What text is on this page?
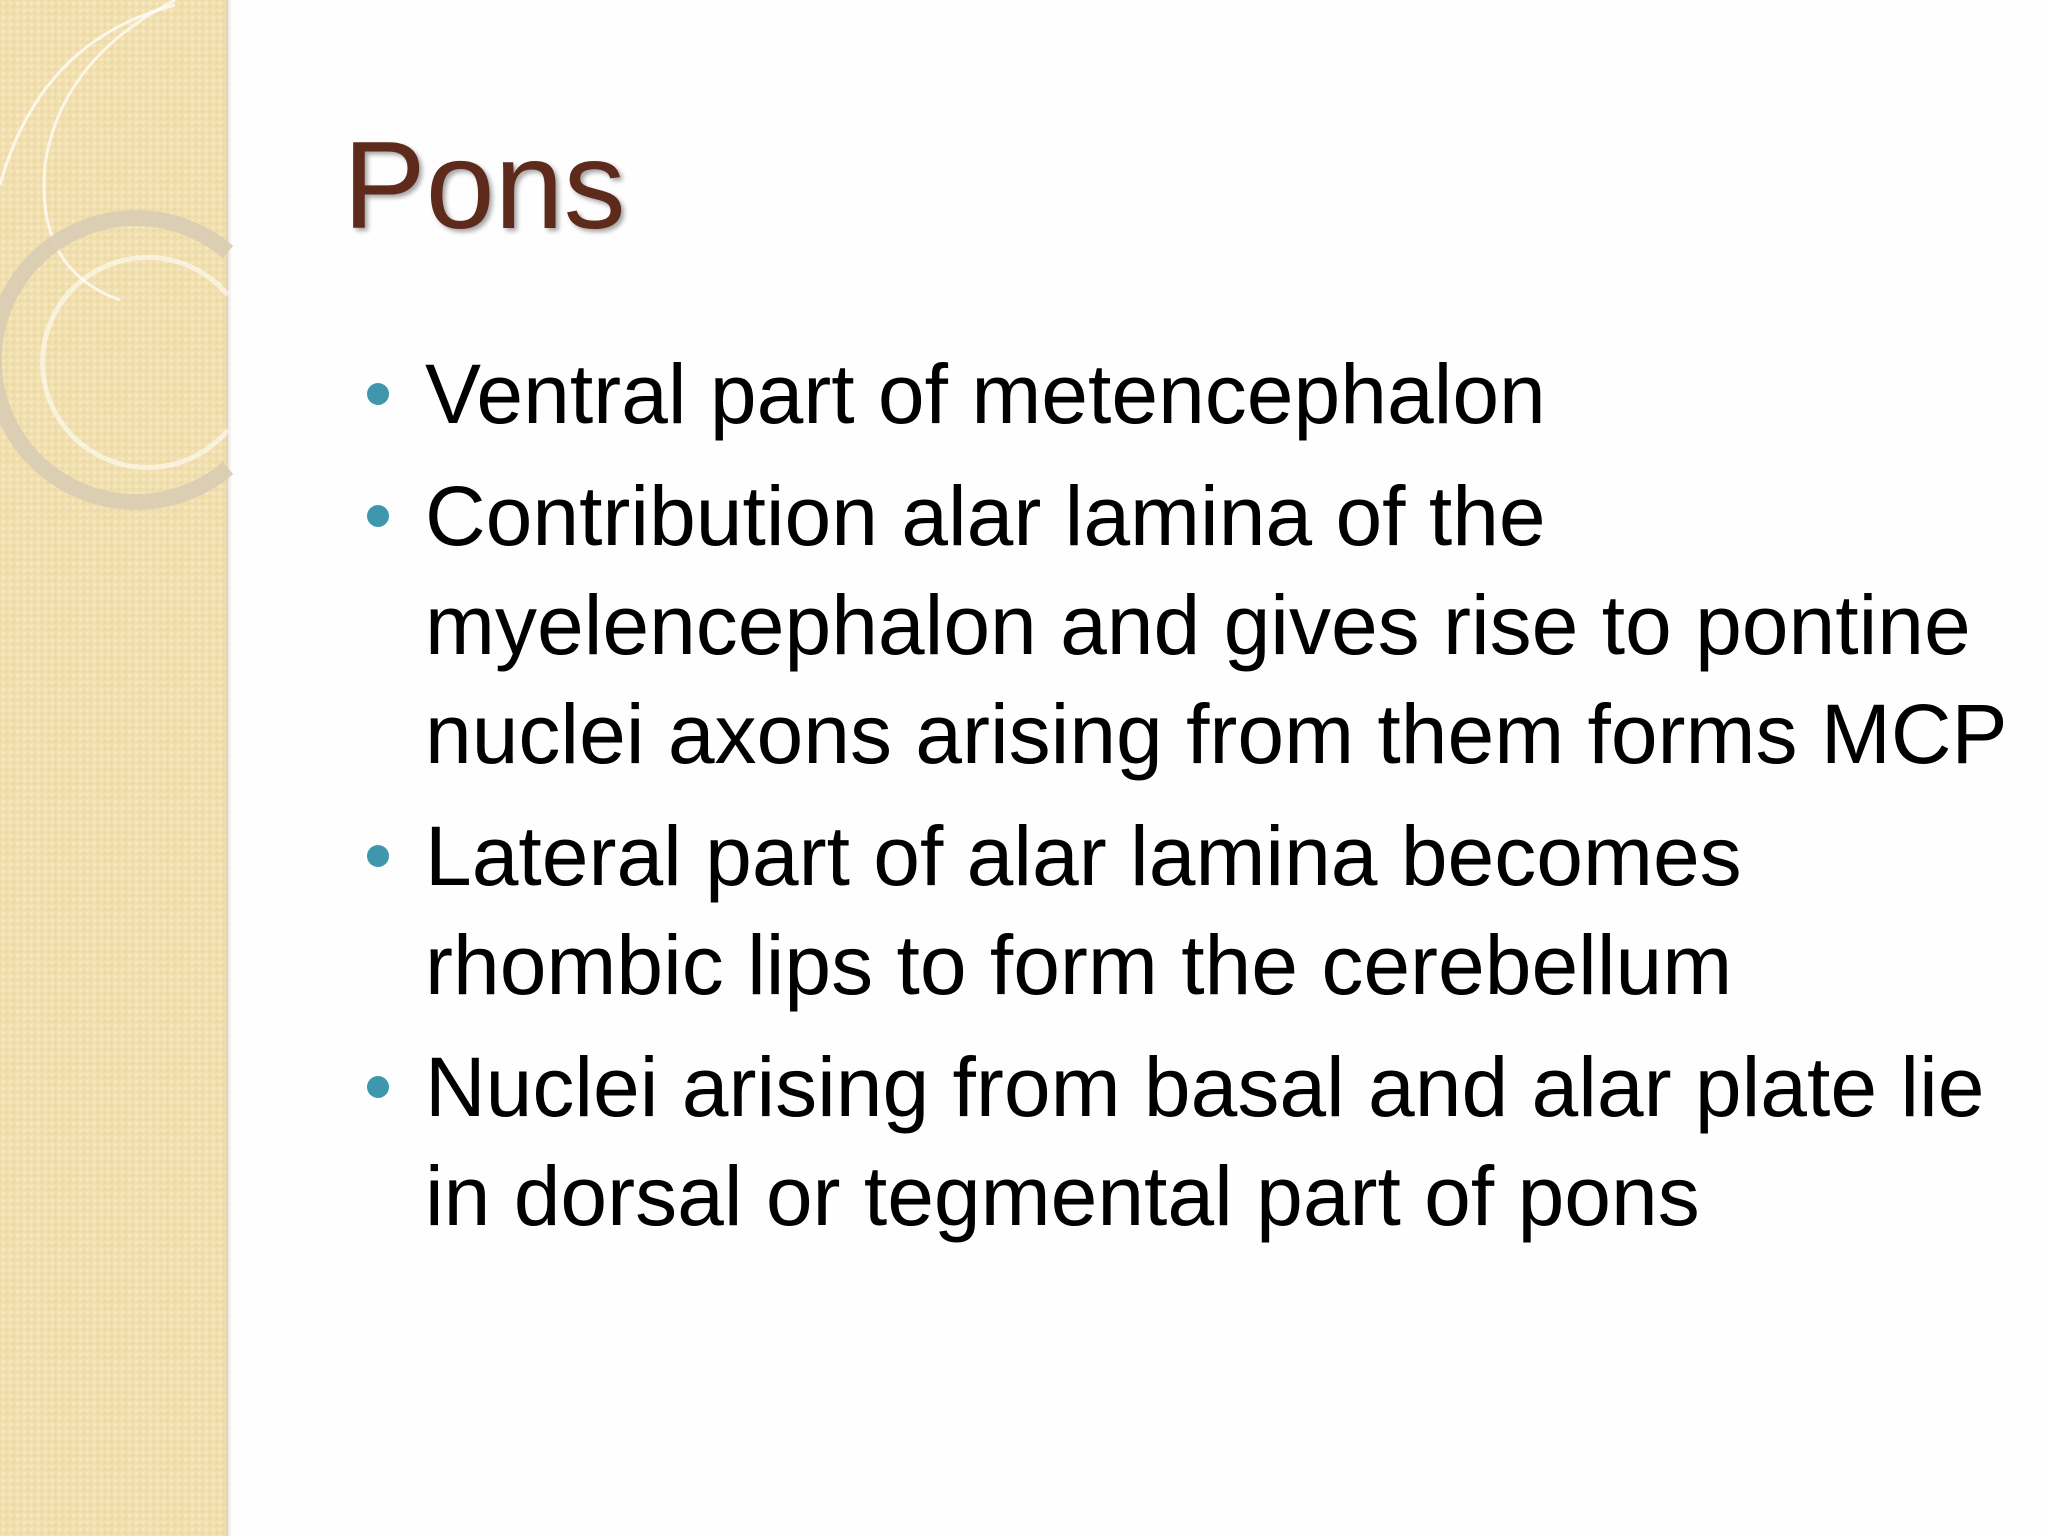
Pons
Ventral part of metencephalon
Contribution alar lamina of the myelencephalon and gives rise to pontine nuclei axons arising from them forms MCP
Lateral part of alar lamina becomes rhombic lips to form the cerebellum
Nuclei arising from basal and alar plate lie in dorsal or tegmental part of pons
